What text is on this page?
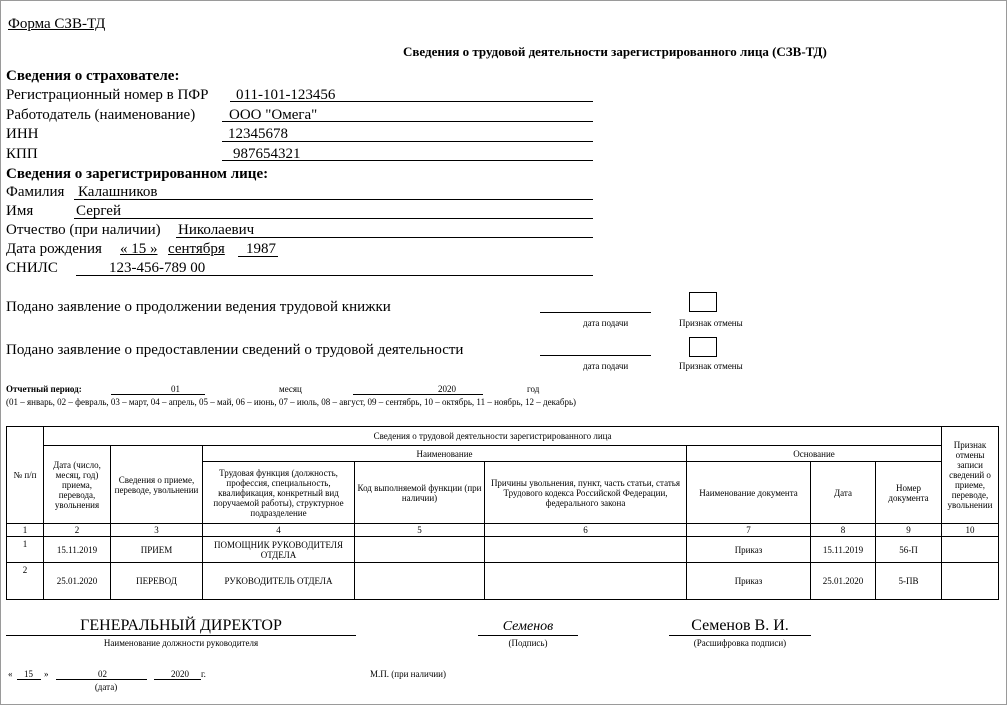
Форма СЗВ-ТД
Сведения о трудовой деятельности зарегистрированного лица (СЗВ-ТД)
Сведения о страхователе:
Регистрационный номер в ПФР 011-101-123456
Работодатель (наименование) ООО "Омега"
ИНН	12345678
КПП	987654321
Сведения о зарегистрированном лице:
Фамилия Калашников
Имя	Сергей
Отчество (при наличии) Николаевич
Дата рождения « 15 » сентября 1987
СНИЛС	123-456-789 00
Подано заявление о продолжении ведения трудовой книжки
дата подачи	Признак отмены
Подано заявление о предоставлении сведений о трудовой деятельности
дата подачи	Признак отмены
Отчетный период:	01	месяц	2020	год
(01 – январь, 02 – февраль, 03 – март, 04 – апрель, 05 – май, 06 – июнь, 07 – июль, 08 – август, 09 – сентябрь, 10 – октябрь, 11 – ноябрь, 12 – декабрь)
№ п/п	Сведения о трудовой деятельности зарегистрированного лица								Признак отмены записи сведений о приеме, переводе, увольнении
	Дата (число, месяц, год) приема, перевода, увольнения	Сведения о приеме, переводе, увольнении	Наименование			Основание			
			Трудовая функция (должность, профессия, специальность, квалификация, конкретный вид поручаемой работы), структурное подразделение	Код выполняемой функции (при наличии)	Причины увольнения, пункт, часть статьи, статья Трудового кодекса Российской Федерации, федерального закона	Наименование документа	Дата	Номер документа	
1	2	3	4	5	6	7	8	9	10
1	15.11.2019	ПРИЕМ	ПОМОЩНИК РУКОВОДИТЕЛЯ ОТДЕЛА			Приказ	15.11.2019	56-П	
2	25.01.2020	ПЕРЕВОД	РУКОВОДИТЕЛЬ ОТДЕЛА			Приказ	25.01.2020	5-ПВ	
ГЕНЕРАЛЬНЫЙ ДИРЕКТОР
Наименование должности руководителя
Семенов
(Подпись)
Семенов В. И.
(Расшифровка подписи)
« 15 »	02
(дата)
2020 г.	М.П. (при наличии)
